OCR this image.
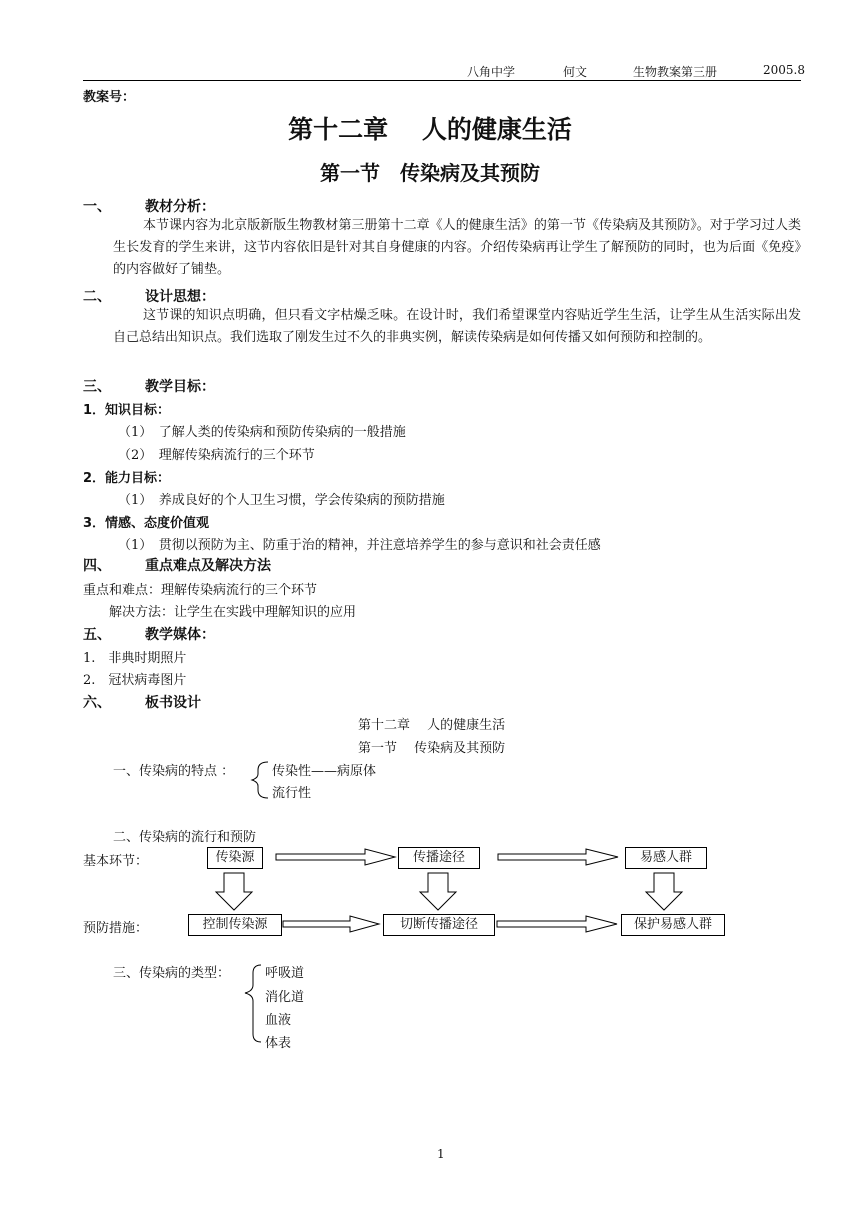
八角中学	何文	生物教案第三册	2005.8
教案号：
第十二章　 人的健康生活
第一节　传染病及其预防
一、 教材分析：
本节课内容为北京版新版生物教材第三册第十二章《人的健康生活》的第一节《传染病及其预防》。对于学习过人类生长发育的学生来讲，这节内容依旧是针对其自身健康的内容。介绍传染病再让学生了解预防的同时，也为后面《免疫》的内容做好了铺垫。
二、 设计思想：
这节课的知识点明确，但只看文字枯燥乏味。在设计时，我们希望课堂内容贴近学生生活，让学生从生活实际出发自己总结出知识点。我们选取了刚发生过不久的非典实例，解读传染病是如何传播又如何预防和控制的。
三、 教学目标：
1．知识目标：
（1）　了解人类的传染病和预防传染病的一般措施
（2）　理解传染病流行的三个环节
2．能力目标：
（1）　养成良好的个人卫生习惯，学会传染病的预防措施
3．情感、态度价值观
（1）　贯彻以预防为主、防重于治的精神，并注意培养学生的参与意识和社会责任感
四、 重点难点及解决方法
重点和难点：理解传染病流行的三个环节
解决方法：让学生在实践中理解知识的应用
五、 教学媒体：
1.　非典时期照片
2.　冠状病毒图片
六、 板书设计
第十二章　 人的健康生活
第一节　 传染病及其预防
一、传染病的特点 ：	传染性——病原体
流行性
二、传染病的流行和预防
基本环节：
预防措施：
传染源	传播途径	易感人群
控制传染源	切断传播途径	保护易感人群
三、传染病的类型：	呼吸道
消化道
血液
体表
1
